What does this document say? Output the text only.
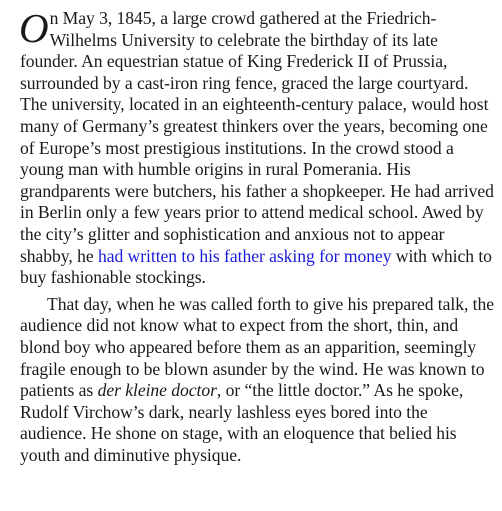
On May 3, 1845, a large crowd gathered at the Friedrich-Wilhelms University to celebrate the birthday of its late founder. An equestrian statue of King Frederick II of Prussia, surrounded by a cast-iron ring fence, graced the large courtyard. The university, located in an eighteenth-century palace, would host many of Germany’s greatest thinkers over the years, becoming one of Europe’s most prestigious institutions. In the crowd stood a young man with humble origins in rural Pomerania. His grandparents were butchers, his father a shopkeeper. He had arrived in Berlin only a few years prior to attend medical school. Awed by the city’s glitter and sophistication and anxious not to appear shabby, he had written to his father asking for money with which to buy fashionable stockings.

That day, when he was called forth to give his prepared talk, the audience did not know what to expect from the short, thin, and blond boy who appeared before them as an apparition, seemingly fragile enough to be blown asunder by the wind. He was known to patients as der kleine doctor, or “the little doctor.” As he spoke, Rudolf Virchow’s dark, nearly lashless eyes bored into the audience. He shone on stage, with an eloquence that belied his youth and diminutive physique.
